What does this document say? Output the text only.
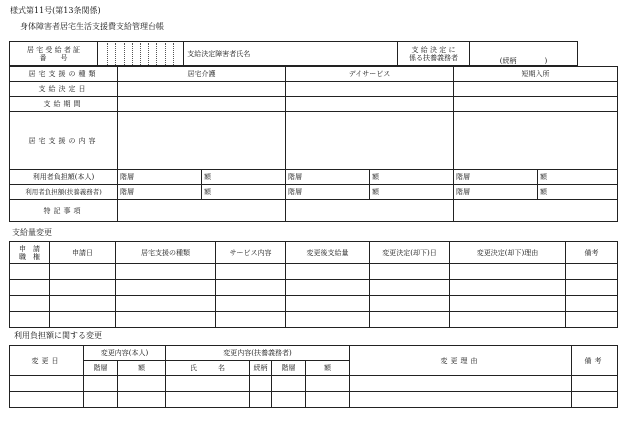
様式第11号(第13条関係)
身体障害者居宅生活支援費支給管理台帳
居 宅 受 給 者 証
番　　号		支給決定障害者氏名		支 給 決 定 に
係る扶養義務者	(続柄　　　　)
居宅支援の種類	居宅介護		デイサービス		短期入所	
支給決定日						
支給期間						
居宅支援の内容						
利用者負担額(本人)	階層	額	階層	額	階層	額
利用者負担額(扶養義務者)	階層	額	階層	額	階層	額
特記事項						
支給量変更
申　請
職　権	申請日	居宅支援の種類	サービス内容	変更後支給量	変更決定(却下)日	変更決定(却下)理由	備考

利用負担額に関する変更
変更日	変更内容(本人)		変更内容(扶養義務者)				変更理由	備考
	階層	額	氏　　　名	続柄	階層	額		
